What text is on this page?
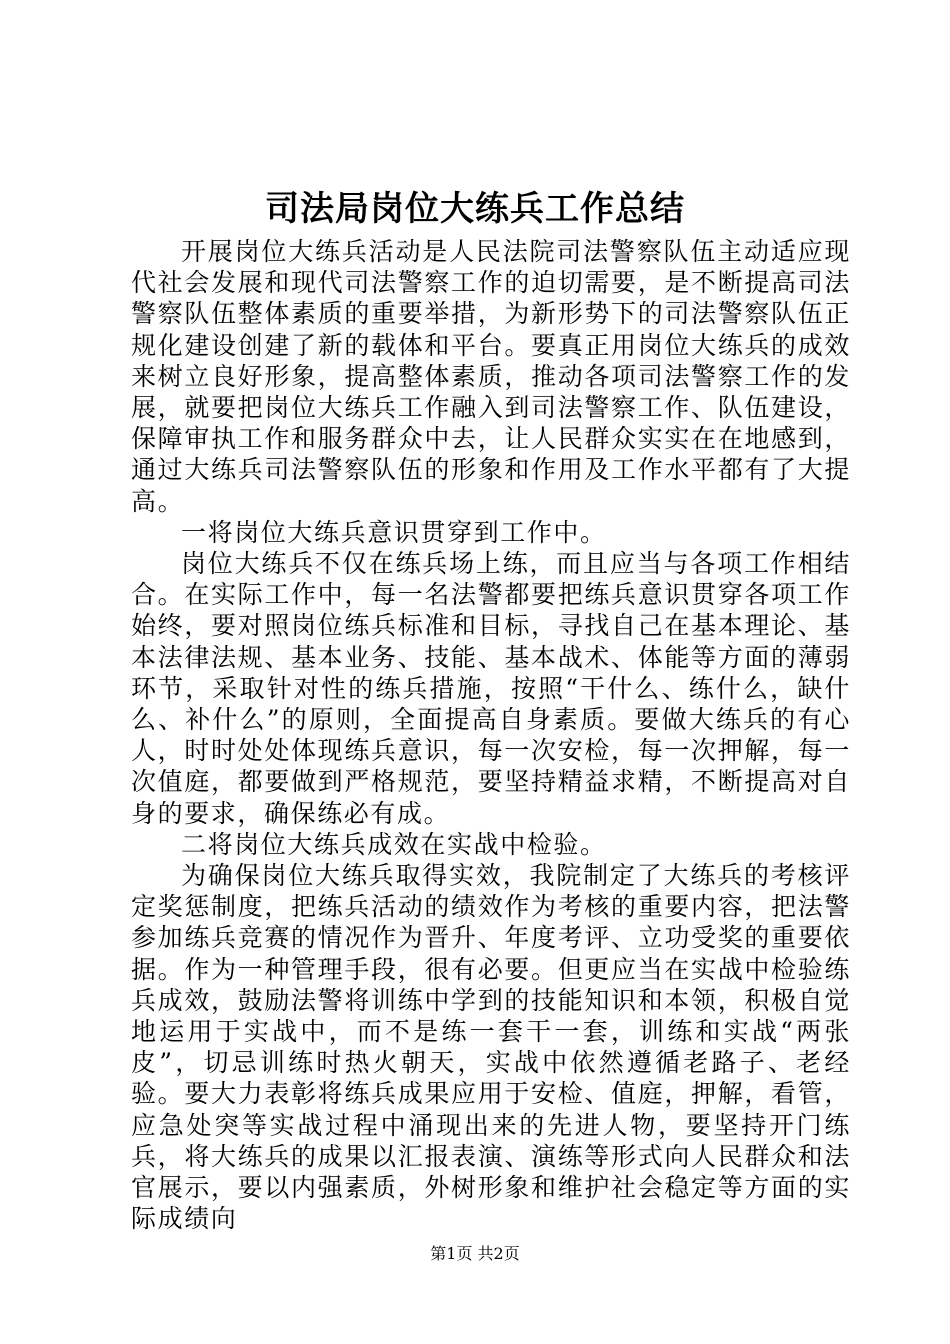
司法局岗位大练兵工作总结

开展岗位大练兵活动是人民法院司法警察队伍主动适应现代社会发展和现代司法警察工作的迫切需要，是不断提高司法警察队伍整体素质的重要举措，为新形势下的司法警察队伍正规化建设创建了新的载体和平台。要真正用岗位大练兵的成效来树立良好形象，提高整体素质，推动各项司法警察工作的发展，就要把岗位大练兵工作融入到司法警察工作、队伍建设，保障审执工作和服务群众中去，让人民群众实实在在地感到，通过大练兵司法警察队伍的形象和作用及工作水平都有了大提高。

一将岗位大练兵意识贯穿到工作中。

岗位大练兵不仅在练兵场上练，而且应当与各项工作相结合。在实际工作中，每一名法警都要把练兵意识贯穿各项工作始终，要对照岗位练兵标准和目标，寻找自己在基本理论、基本法律法规、基本业务、技能、基本战术、体能等方面的薄弱环节，采取针对性的练兵措施，按照“干什么、练什么，缺什么、补什么”的原则，全面提高自身素质。要做大练兵的有心人，时时处处体现练兵意识，每一次安检，每一次押解，每一次值庭，都要做到严格规范，要坚持精益求精，不断提高对自身的要求，确保练必有成。

二将岗位大练兵成效在实战中检验。

为确保岗位大练兵取得实效，我院制定了大练兵的考核评定奖惩制度，把练兵活动的绩效作为考核的重要内容，把法警参加练兵竞赛的情况作为晋升、年度考评、立功受奖的重要依据。作为一种管理手段，很有必要。但更应当在实战中检验练兵成效，鼓励法警将训练中学到的技能知识和本领，积极自觉地运用于实战中，而不是练一套干一套，训练和实战“两张皮”，切忌训练时热火朝天，实战中依然遵循老路子、老经验。要大力表彰将练兵成果应用于安检、值庭，押解，看管，应急处突等实战过程中涌现出来的先进人物，要坚持开门练兵，将大练兵的成果以汇报表演、演练等形式向人民群众和法官展示，要以内强素质，外树形象和维护社会稳定等方面的实际成绩向

第1页 共2页
